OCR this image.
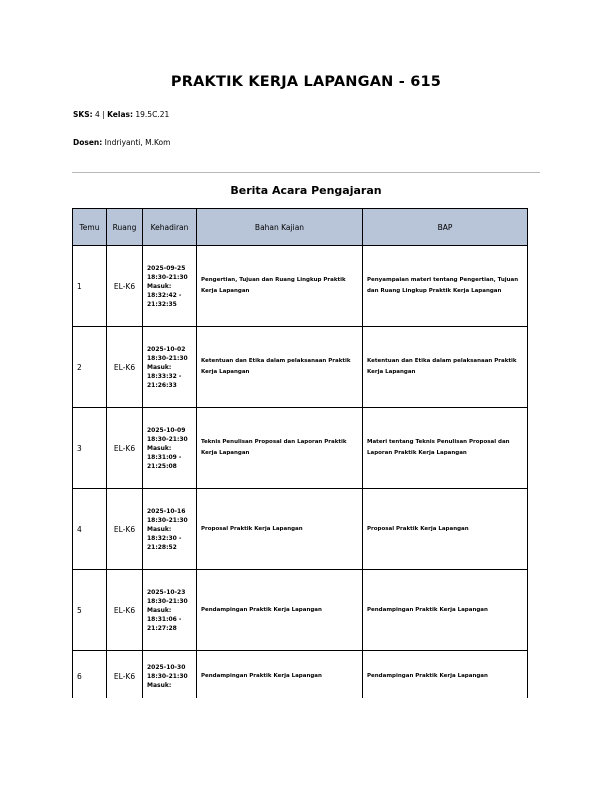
PRAKTIK KERJA LAPANGAN - 615
SKS: 4 | Kelas: 19.5C.21
Dosen: Indriyanti, M.Kom
Berita Acara Pengajaran
Temu	Ruang	Kehadiran	Bahan Kajian	BAP
1	EL-K6	2025-09-25
18:30-21:30
Masuk:
18:32:42 -
21:32:35	Pengertian, Tujuan dan Ruang Lingkup Praktik Kerja Lapangan	Penyampaian materi tentang Pengertian, Tujuan dan Ruang Lingkup Praktik Kerja Lapangan
2	EL-K6	2025-10-02
18:30-21:30
Masuk:
18:33:32 -
21:26:33	Ketentuan dan Etika dalam pelaksanaan Praktik Kerja Lapangan	Ketentuan dan Etika dalam pelaksanaan Praktik Kerja Lapangan
3	EL-K6	2025-10-09
18:30-21:30
Masuk:
18:31:09 -
21:25:08	Teknis Penulisan Proposal dan Laporan Praktik Kerja Lapangan	Materi tentang Teknis Penulisan Proposal dan Laporan Praktik Kerja Lapangan
4	EL-K6	2025-10-16
18:30-21:30
Masuk:
18:32:30 -
21:28:52	Proposal Praktik Kerja Lapangan	Proposal Praktik Kerja Lapangan
5	EL-K6	2025-10-23
18:30-21:30
Masuk:
18:31:06 -
21:27:28	Pendampingan Praktik Kerja Lapangan	Pendampingan Praktik Kerja Lapangan
6	EL-K6	2025-10-30
18:30-21:30
Masuk:	Pendampingan Praktik Kerja Lapangan	Pendampingan Praktik Kerja Lapangan
